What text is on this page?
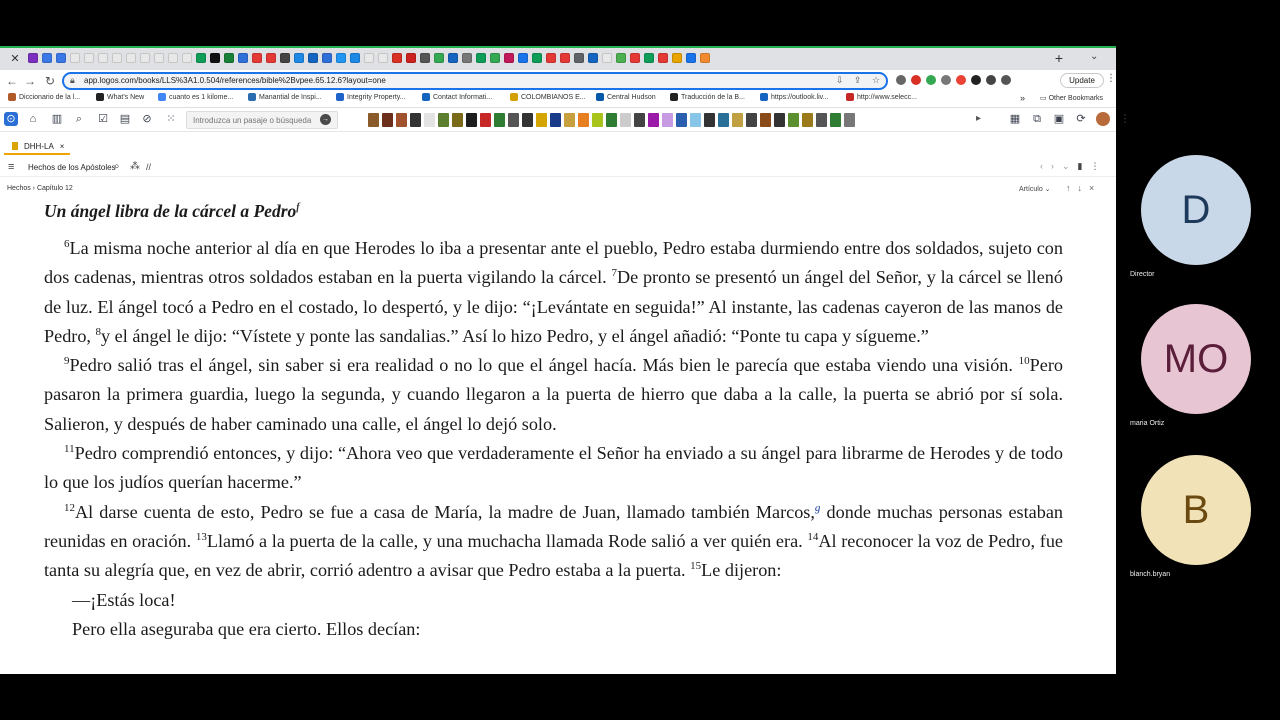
✕	+	⌄
← → ↻	🔒︎ app.logos.com/books/LLS%3A1.0.504/references/bible%2Bvpee.65.12.6?layout=one	⇩ ⇪ ☆	Update	⋮
Diccionario de la l...	What's New	cuanto es 1 kilome...	Manantial de Inspi...	Integrity Property...	Contact Informati...	COLOMBIANOS E...	Central Hudson	Traducción de la B...	https://outlook.liv...	http://www.selecc...	» ▭ Other Bookmarks
⊙	⌂	▥	⌕	☑ ▤ ⊘ ⁙
Introduzca un pasaje o búsqueda	→	▸	▦ ⧉ ▣ ⟳	⋮
DHH-LA ×
≡ Hechos de los Apóstoles
⌕ ⁂ //	‹ › ⌄ ▮ ⋮
Hechos › Capítulo 12	Artículo ⌄ ↑ ↓ ×
Un ángel libra de la cárcel a Pedro$^f$
$^6$La misma noche anterior al día en que Herodes lo iba a presentar ante el pueblo, Pedro estaba durmiendo entre dos soldados, sujeto con dos cadenas, mientras otros soldados estaban en la puerta vigilando la cárcel. $^7$De pronto se presentó un ángel del Señor, y la cárcel se llenó de luz. El ángel tocó a Pedro en el costado, lo despertó, y le dijo: “¡Levántate en seguida!” Al instante, las cadenas cayeron de las manos de Pedro, $^8$y el ángel le dijo: “Vístete y ponte las sandalias.” Así lo hizo Pedro, y el ángel añadió: “Ponte tu capa y sígueme.”
$^9$Pedro salió tras el ángel, sin saber si era realidad o no lo que el ángel hacía. Más bien le parecía que estaba viendo una visión. $^{10}$Pero pasaron la primera guardia, luego la segunda, y cuando llegaron a la puerta de hierro que daba a la calle, la puerta se abrió por sí sola. Salieron, y después de haber caminado una calle, el ángel lo dejó solo.
$^{11}$Pedro comprendió entonces, y dijo: “Ahora veo que verdaderamente el Señor ha enviado a su ángel para librarme de Herodes y de todo lo que los judíos querían hacerme.”
$^{12}$Al darse cuenta de esto, Pedro se fue a casa de María, la madre de Juan, llamado también Marcos,$^g$ donde muchas personas estaban reunidas en oración. $^{13}$Llamó a la puerta de la calle, y una muchacha llamada Rode salió a ver quién era. $^{14}$Al reconocer la voz de Pedro, fue tanta su alegría que, en vez de abrir, corrió adentro a avisar que Pedro estaba a la puerta. $^{15}$Le dijeron:
—¡Estás loca!
Pero ella aseguraba que era cierto. Ellos decían:
D
Director
MO
maria Ortiz
B
blanch.bryan
